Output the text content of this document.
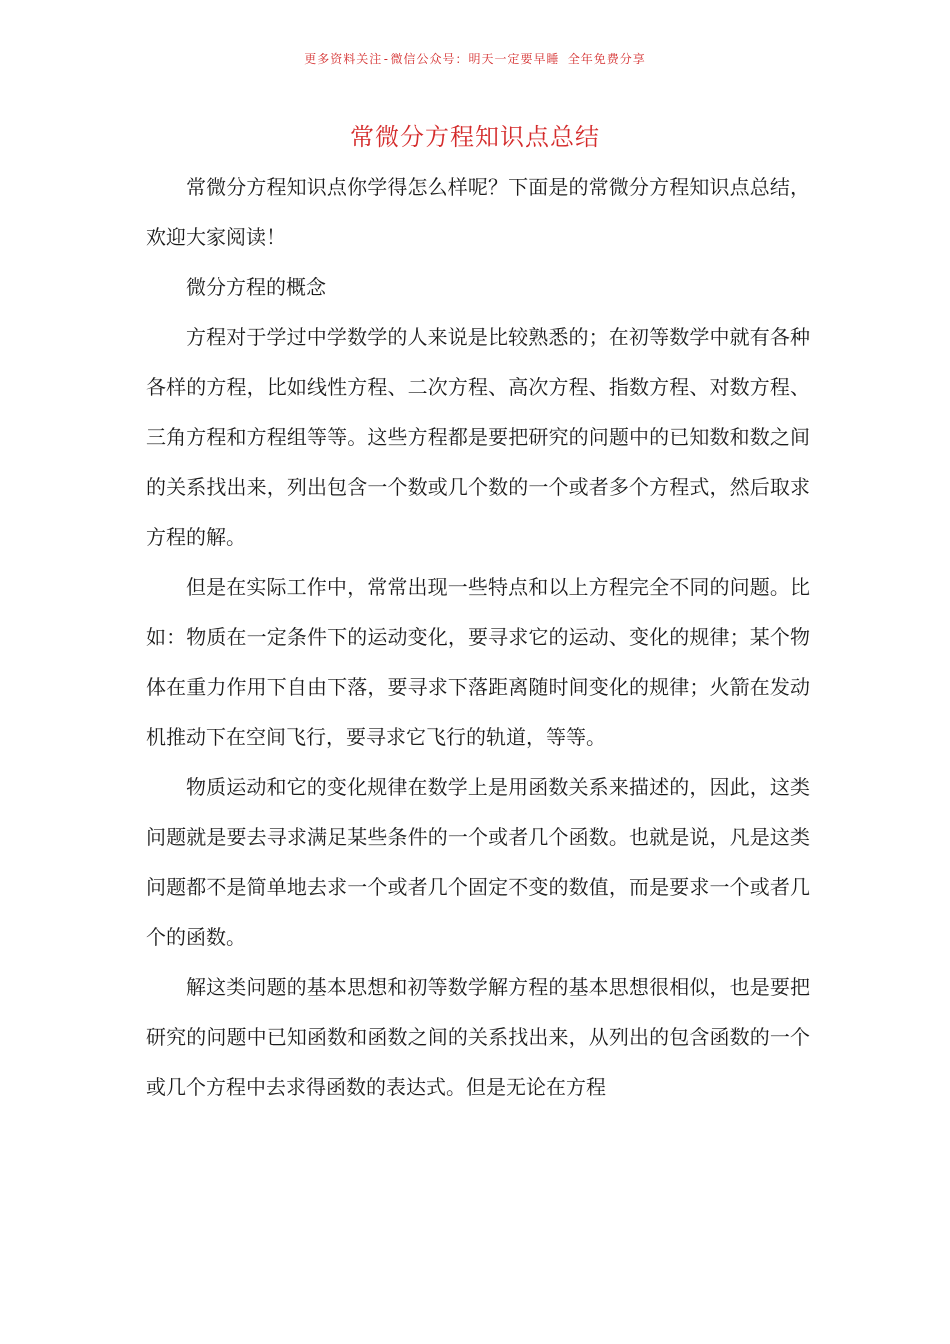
更多资料关注-微信公众号：明天一定要早睡 全年免费分享
常微分方程知识点总结

常微分方程知识点你学得怎么样呢？下面是的常微分方程知识点总结，欢迎大家阅读！

微分方程的概念

方程对于学过中学数学的人来说是比较熟悉的；在初等数学中就有各种各样的方程，比如线性方程、二次方程、高次方程、指数方程、对数方程、三角方程和方程组等等。这些方程都是要把研究的问题中的已知数和数之间的关系找出来，列出包含一个数或几个数的一个或者多个方程式，然后取求方程的解。

但是在实际工作中，常常出现一些特点和以上方程完全不同的问题。比如：物质在一定条件下的运动变化，要寻求它的运动、变化的规律；某个物体在重力作用下自由下落，要寻求下落距离随时间变化的规律；火箭在发动机推动下在空间飞行，要寻求它飞行的轨道，等等。

物质运动和它的变化规律在数学上是用函数关系来描述的，因此，这类问题就是要去寻求满足某些条件的一个或者几个函数。也就是说，凡是这类问题都不是简单地去求一个或者几个固定不变的数值，而是要求一个或者几个的函数。

解这类问题的基本思想和初等数学解方程的基本思想很相似，也是要把研究的问题中已知函数和函数之间的关系找出来，从列出的包含函数的一个或几个方程中去求得函数的表达式。但是无论在方程
